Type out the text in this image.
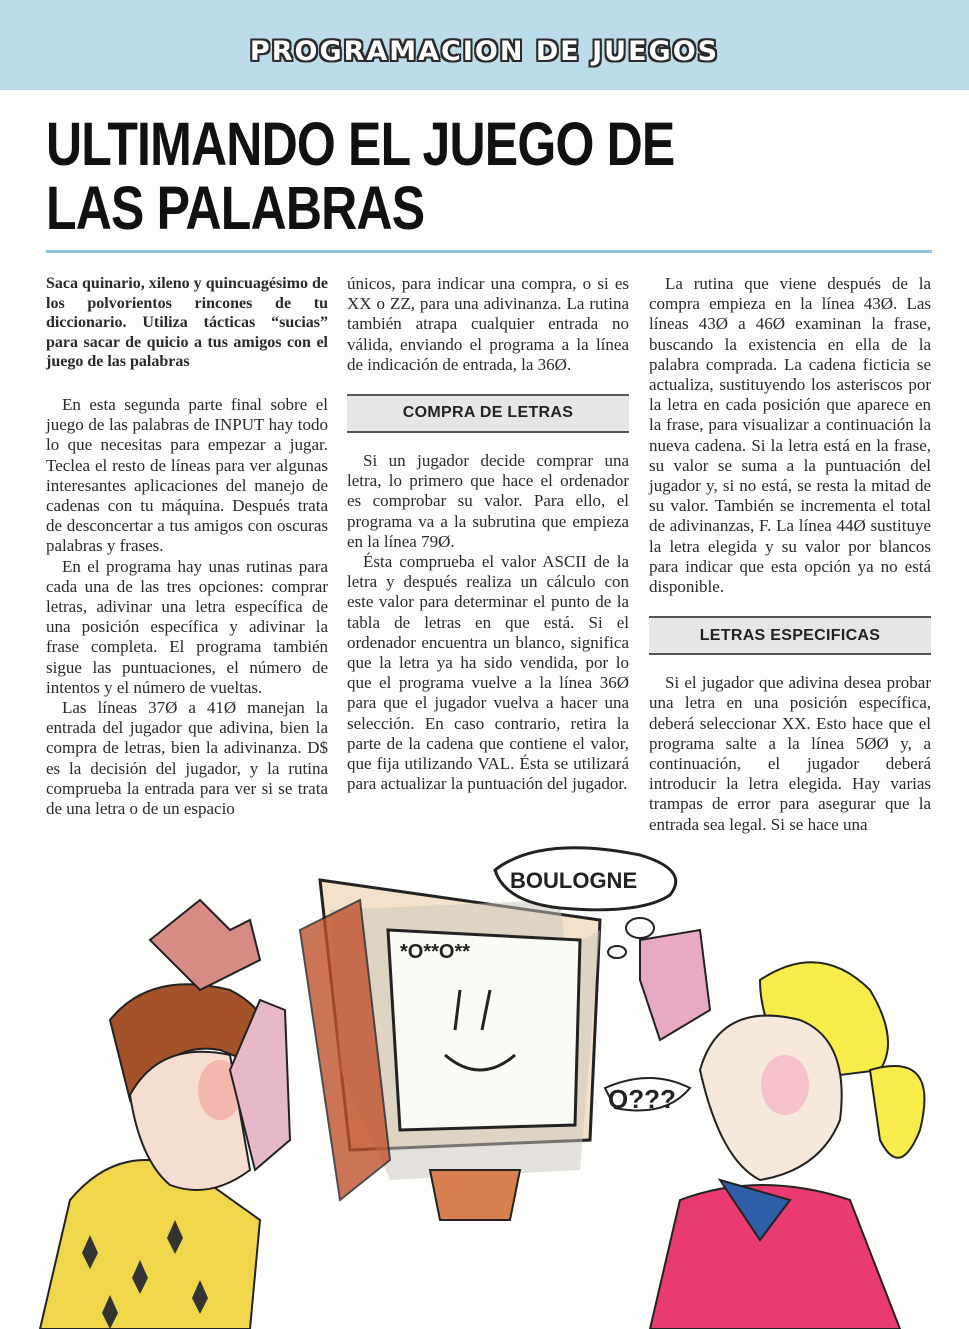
PROGRAMACION DE JUEGOS
ULTIMANDO EL JUEGO DE
LAS PALABRAS

Saca quinario, xileno y quincuagésimo de los polvorientos rincones de tu diccionario. Utiliza tácticas “sucias” para sacar de quicio a tus amigos con el juego de las palabras

En esta segunda parte final sobre el juego de las palabras de INPUT hay todo lo que necesitas para empezar a jugar. Teclea el resto de líneas para ver algunas interesantes aplicaciones del manejo de cadenas con tu máquina. Después trata de desconcertar a tus amigos con oscuras palabras y frases.

En el programa hay unas rutinas para cada una de las tres opciones: comprar letras, adivinar una letra específica de una posición específica y adivinar la frase completa. El programa también sigue las puntuaciones, el número de intentos y el número de vueltas.

Las líneas 37Ø a 41Ø manejan la entrada del jugador que adivina, bien la compra de letras, bien la adivinanza. D$ es la decisión del jugador, y la rutina comprueba la entrada para ver si se trata de una letra o de un espacio

únicos, para indicar una compra, o si es XX o ZZ, para una adivinanza. La rutina también atrapa cualquier entrada no válida, enviando el programa a la línea de indicación de entrada, la 36Ø.

COMPRA DE LETRAS

Si un jugador decide comprar una letra, lo primero que hace el ordenador es comprobar su valor. Para ello, el programa va a la subrutina que empieza en la línea 79Ø.

Ésta comprueba el valor ASCII de la letra y después realiza un cálculo con este valor para determinar el punto de la tabla de letras en que está. Si el ordenador encuentra un blanco, significa que la letra ya ha sido vendida, por lo que el programa vuelve a la línea 36Ø para que el jugador vuelva a hacer una selección. En caso contrario, retira la parte de la cadena que contiene el valor, que fija utilizando VAL. Ésta se utilizará para actualizar la puntuación del jugador.

La rutina que viene después de la compra empieza en la línea 43Ø. Las líneas 43Ø a 46Ø examinan la frase, buscando la existencia en ella de la palabra comprada. La cadena ficticia se actualiza, sustituyendo los asteriscos por la letra en cada posición que aparece en la frase, para visualizar a continuación la nueva cadena. Si la letra está en la frase, su valor se suma a la puntuación del jugador y, si no está, se resta la mitad de su valor. También se incrementa el total de adivinanzas, F. La línea 44Ø sustituye la letra elegida y su valor por blancos para indicar que esta opción ya no está disponible.

LETRAS ESPECIFICAS

Si el jugador que adivina desea probar una letra en una posición específica, deberá seleccionar XX. Esto hace que el programa salte a la línea 5ØØ y, a continuación, el jugador deberá introducir la letra elegida. Hay varias trampas de error para asegurar que la entrada sea legal. Si se hace una

*O**O**
BOULOGNE
O???
